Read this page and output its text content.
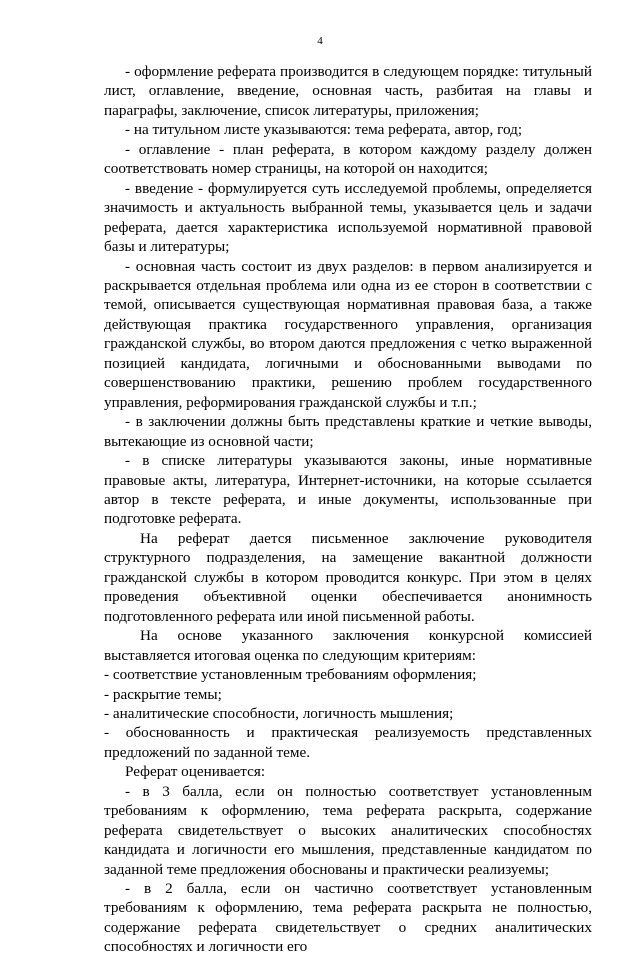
4

- оформление реферата производится в следующем порядке: титульный лист, оглавление, введение, основная часть, разбитая на главы и параграфы, заключение, список литературы, приложения;

- на титульном листе указываются: тема реферата, автор, год;

- оглавление - план реферата, в котором каждому разделу должен соответствовать номер страницы, на которой он находится;

- введение - формулируется суть исследуемой проблемы, определяется значимость и актуальность выбранной темы, указывается цель и задачи реферата, дается характеристика используемой нормативной правовой базы и литературы;

- основная часть состоит из двух разделов: в первом анализируется и раскрывается отдельная проблема или одна из ее сторон в соответствии с темой, описывается существующая нормативная правовая база, а также действующая практика государственного управления, организация гражданской службы, во втором даются предложения с четко выраженной позицией кандидата, логичными и обоснованными выводами по совершенствованию практики, решению проблем государственного управления, реформирования гражданской службы и т.п.;

- в заключении должны быть представлены краткие и четкие выводы, вытекающие из основной части;

- в списке литературы указываются законы, иные нормативные правовые акты, литература, Интернет-источники, на которые ссылается автор в тексте реферата, и иные документы, использованные при подготовке реферата.

На реферат дается письменное заключение руководителя структурного подразделения, на замещение вакантной должности гражданской службы в котором проводится конкурс. При этом в целях проведения объективной оценки обеспечивается анонимность подготовленного реферата или иной письменной работы.

На основе указанного заключения конкурсной комиссией выставляется итоговая оценка по следующим критериям:

- соответствие установленным требованиям оформления;

- раскрытие темы;

- аналитические способности, логичность мышления;

- обоснованность и практическая реализуемость представленных предложений по заданной теме.

Реферат оценивается:

- в 3 балла, если он полностью соответствует установленным требованиям к оформлению, тема реферата раскрыта, содержание реферата свидетельствует о высоких аналитических способностях кандидата и логичности его мышления, представленные кандидатом по заданной теме предложения обоснованы и практически реализуемы;

- в 2 балла, если он частично соответствует установленным требованиям к оформлению, тема реферата раскрыта не полностью, содержание реферата свидетельствует о средних аналитических способностях и логичности его
